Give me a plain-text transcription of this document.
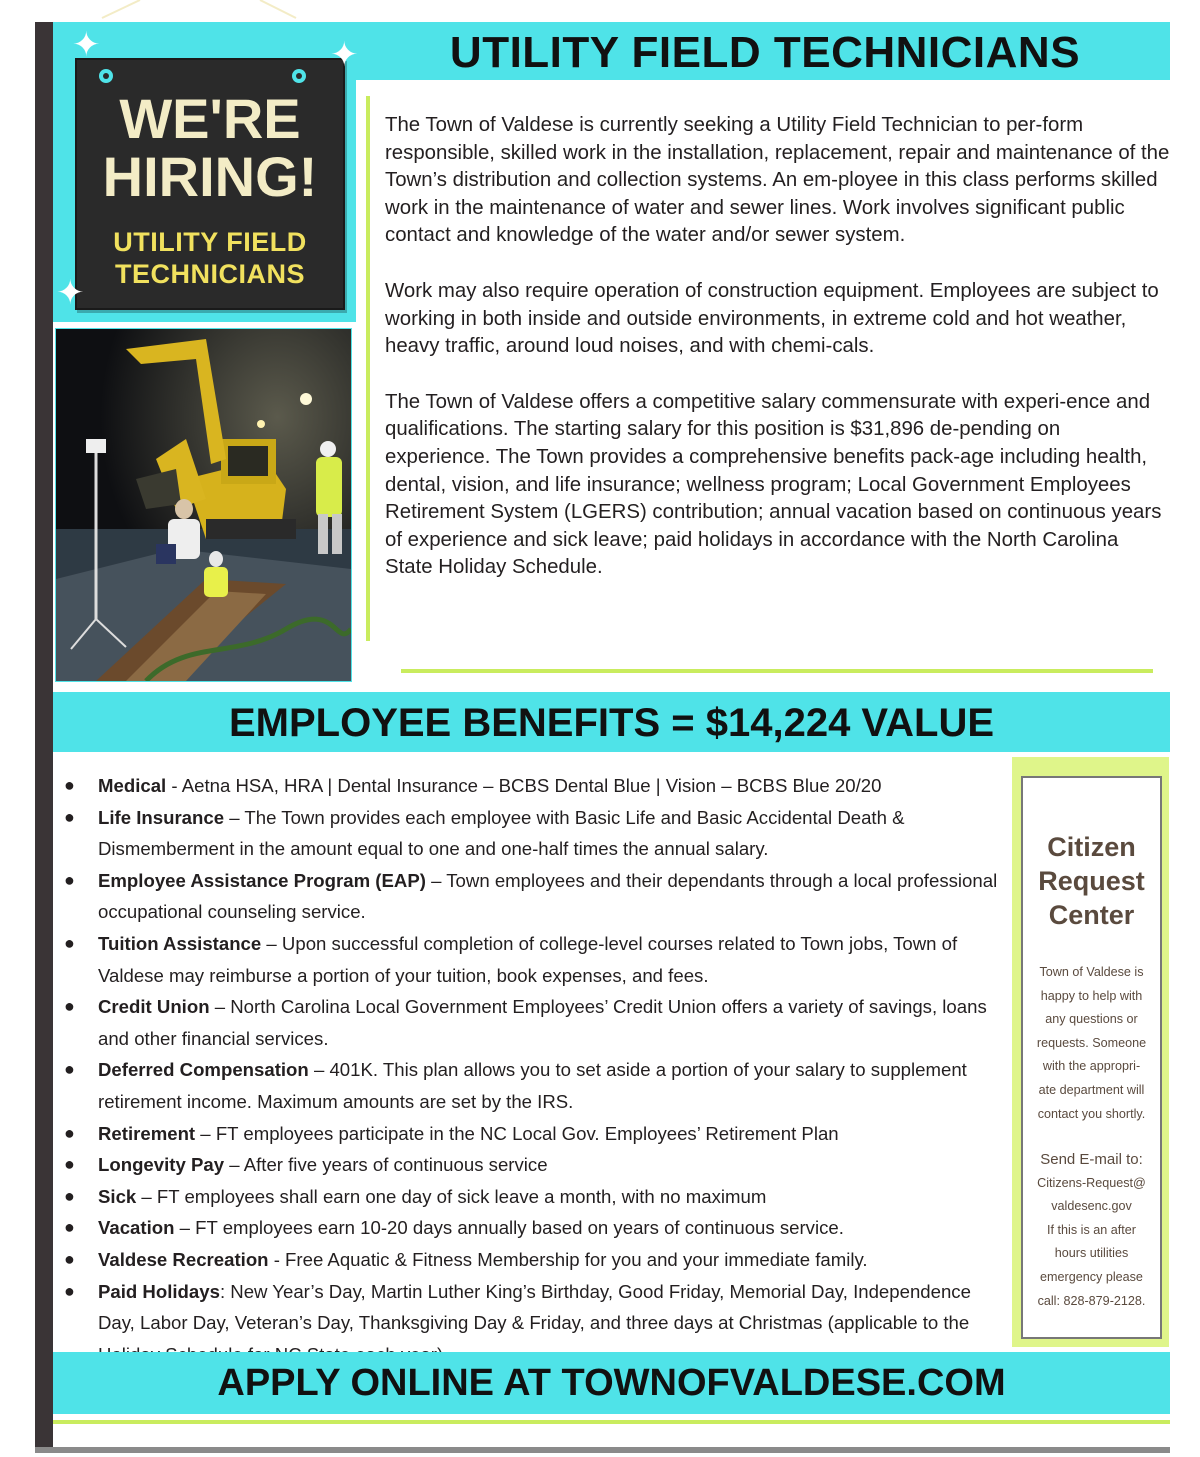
UTILITY FIELD TECHNICIANS
WE'RE
HIRING!
UTILITY FIELD
TECHNICIANS
✦	✦
✦

The Town of Valdese is currently seeking a Utility Field Technician to per-form responsible, skilled work in the installation, replacement, repair and maintenance of the Town’s distribution and collection systems. An em-ployee in this class performs skilled work in the maintenance of water and sewer lines. Work involves significant public contact and knowledge of the water and/or sewer system.

Work may also require operation of construction equipment. Employees are subject to working in both inside and outside environments, in extreme cold and hot weather, heavy traffic, around loud noises, and with chemi-cals.

The Town of Valdese offers a competitive salary commensurate with experi-ence and qualifications. The starting salary for this position is $31,896 de-pending on experience. The Town provides a comprehensive benefits pack-age including health, dental, vision, and life insurance; wellness program; Local Government Employees Retirement System (LGERS) contribution; annual vacation based on continuous years of experience and sick leave; paid holidays in accordance with the North Carolina State Holiday Schedule.

EMPLOYEE BENEFITS = $14,224 VALUE
● Medical - Aetna HSA, HRA | Dental Insurance – BCBS Dental Blue | Vision – BCBS Blue 20/20
● Life Insurance – The Town provides each employee with Basic Life and Basic Accidental Death & Dismemberment in the amount equal to one and one-half times the annual salary.
● Employee Assistance Program (EAP) – Town employees and their dependants through a local professional occupational counseling service.
● Tuition Assistance – Upon successful completion of college-level courses related to Town jobs, Town of Valdese may reimburse a portion of your tuition, book expenses, and fees.
● Credit Union – North Carolina Local Government Employees’ Credit Union offers a variety of savings, loans and other financial services.
● Deferred Compensation – 401K. This plan allows you to set aside a portion of your salary to supplement retirement income. Maximum amounts are set by the IRS.
● Retirement – FT employees participate in the NC Local Gov. Employees’ Retirement Plan
● Longevity Pay – After five years of continuous service
● Sick – FT employees shall earn one day of sick leave a month, with no maximum
● Vacation – FT employees earn 10-20 days annually based on years of continuous service.
● Valdese Recreation - Free Aquatic & Fitness Membership for you and your immediate family.
● Paid Holidays: New Year’s Day, Martin Luther King’s Birthday, Good Friday, Memorial Day, Independence Day, Labor Day, Veteran’s Day, Thanksgiving Day & Friday, and three days at Christmas (applicable to the
Citizen
Request
Center
Town of Valdese is
happy to help with
any questions or
requests. Someone
with the appropri-
ate department will
contact you shortly.
Send E-mail to:
Citizens-Request@
valdesenc.gov
If this is an after
hours utilities
emergency please
call: 828-879-2128.
APPLY ONLINE AT TOWNOFVALDESE.COM
